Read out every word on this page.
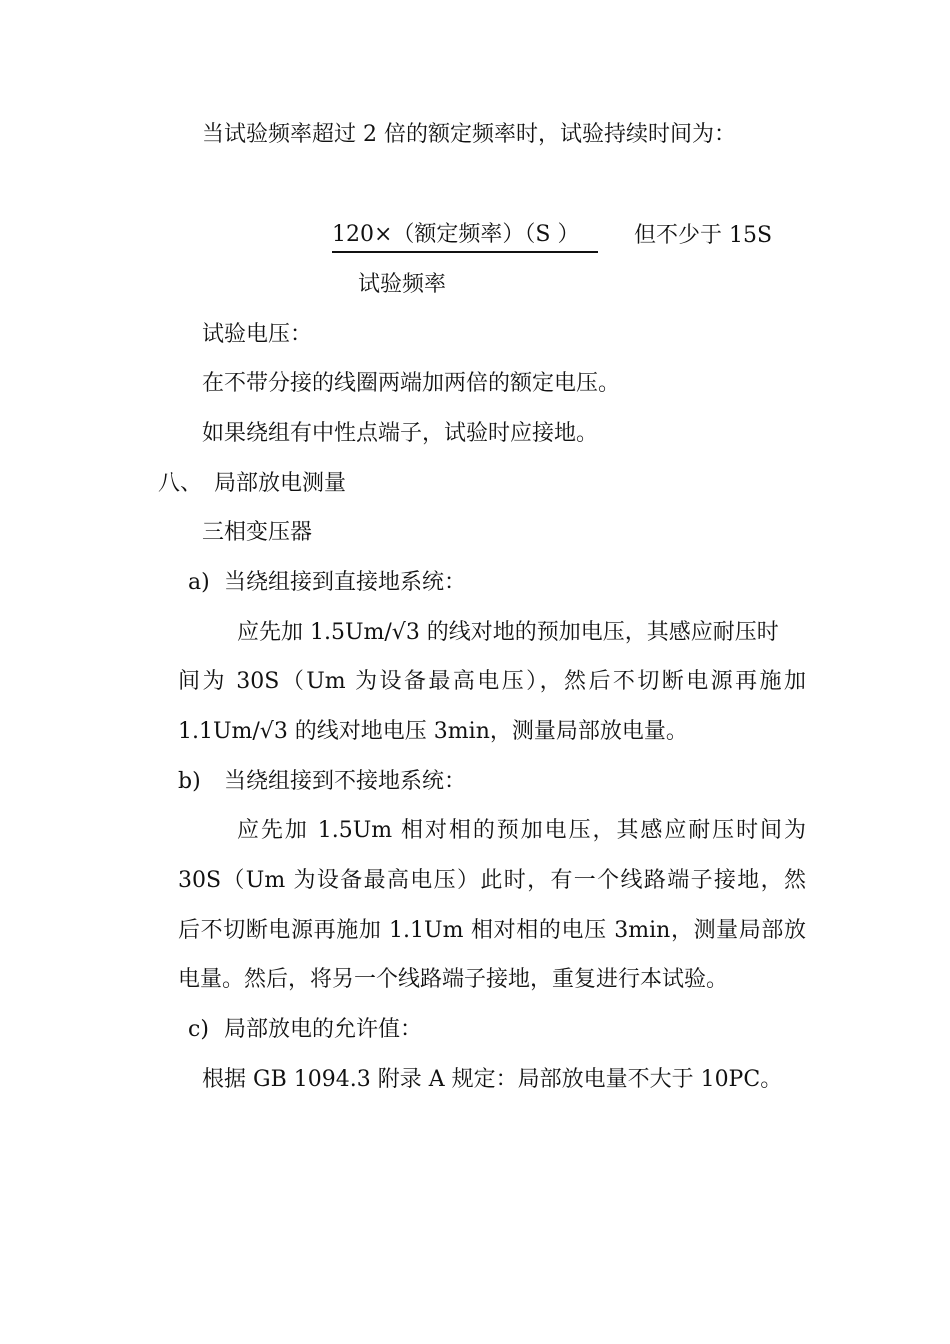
当试验频率超过 2 倍的额定频率时，试验持续时间为：
120×（额定频率）（S ）	但不少于 15S
试验频率
试验电压：
在不带分接的线圈两端加两倍的额定电压。
如果绕组有中性点端子，试验时应接地。
八、 局部放电测量
三相变压器
a) 当绕组接到直接地系统：
应先加 1.5Um/√3 的线对地的预加电压，其感应耐压时
间为 30S（Um 为设备最高电压），然后不切断电源再施加
1.1Um/√3 的线对地电压 3min，测量局部放电量。
b) 当绕组接到不接地系统：
应先加 1.5Um 相对相的预加电压，其感应耐压时间为
30S（Um 为设备最高电压）此时，有一个线路端子接地，然
后不切断电源再施加 1.1Um 相对相的电压 3min，测量局部放
电量。然后，将另一个线路端子接地，重复进行本试验。
c) 局部放电的允许值：
根据 GB 1094.3 附录 A 规定：局部放电量不大于 10PC。
